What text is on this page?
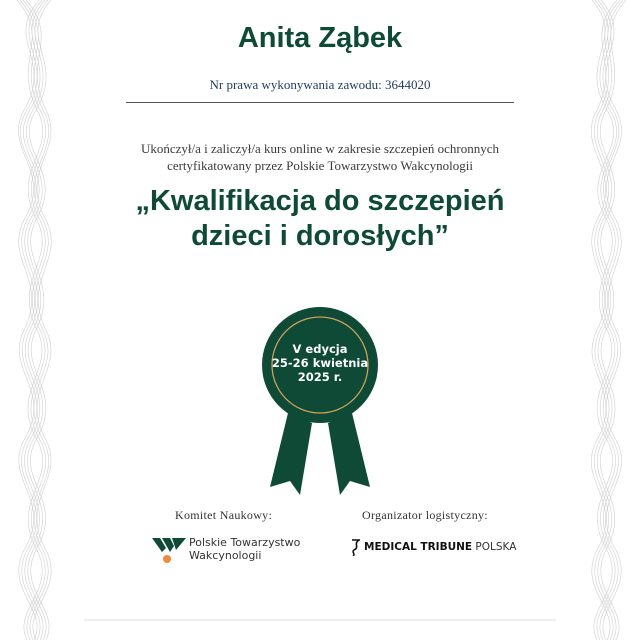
Anita Ząbek
Nr prawa wykonywania zawodu: 3644020
Ukończył/a i zaliczył/a kurs online w zakresie szczepień ochronnych
certyfikatowany przez Polskie Towarzystwo Wakcynologii
„Kwalifikacja do szczepień
dzieci i dorosłych”
V edycja
25-26 kwietnia
2025 r.
Komitet Naukowy:	Organizator logistyczny:
Polskie Towarzystwo
Wakcynologii
MEDICAL TRIBUNE POLSKA
